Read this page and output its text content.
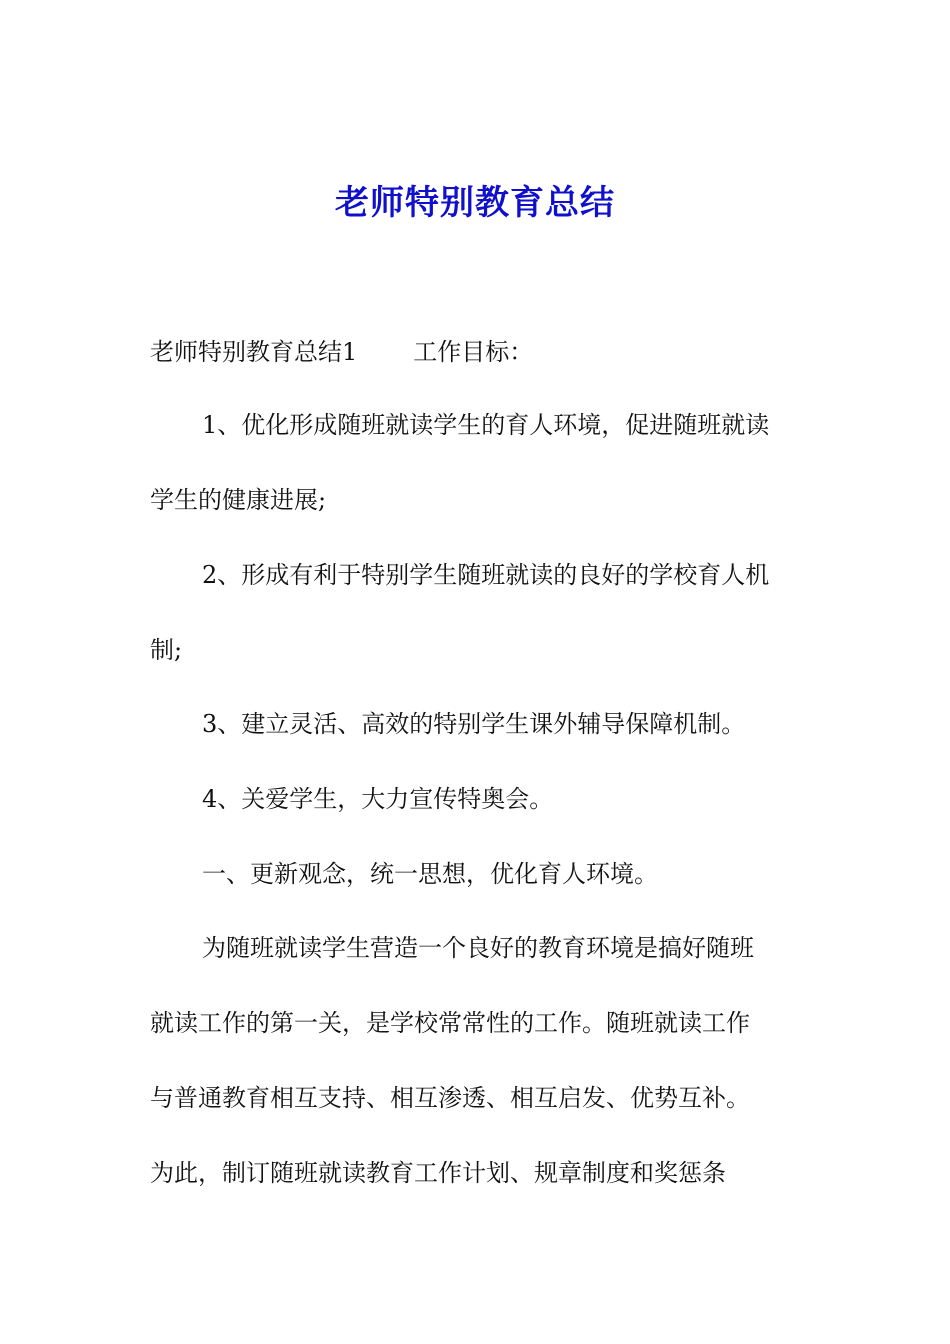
老师特别教育总结
老师特别教育总结1 工作目标：
1、优化形成随班就读学生的育人环境，促进随班就读
学生的健康进展;
2、形成有利于特别学生随班就读的良好的学校育人机
制;
3、建立灵活、高效的特别学生课外辅导保障机制。
4、关爱学生，大力宣传特奥会。
一、更新观念，统一思想，优化育人环境。
为随班就读学生营造一个良好的教育环境是搞好随班
就读工作的第一关，是学校常常性的工作。随班就读工作
与普通教育相互支持、相互渗透、相互启发、优势互补。
为此，制订随班就读教育工作计划、规章制度和奖惩条
